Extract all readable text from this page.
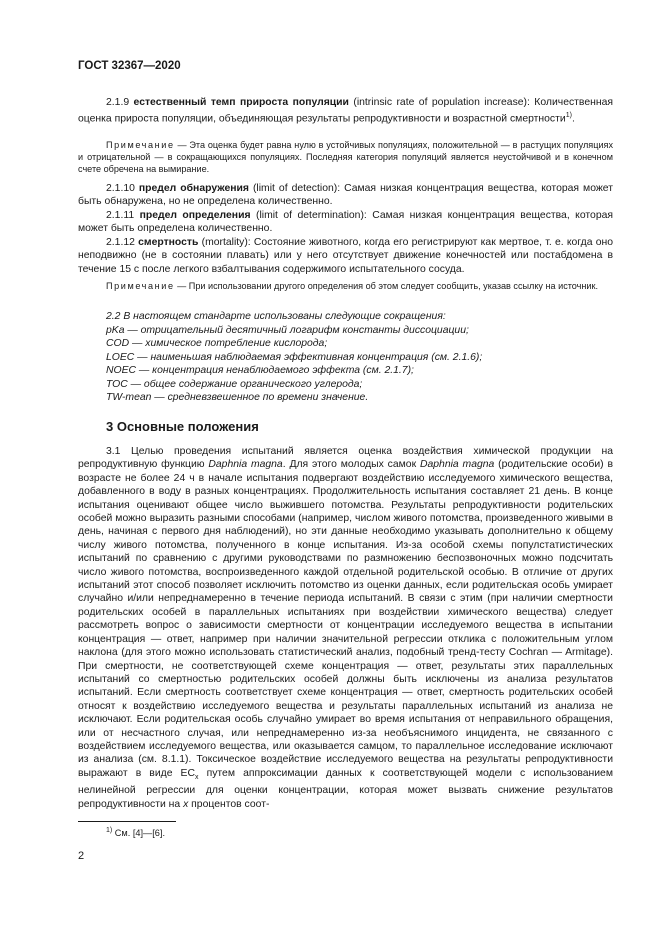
ГОСТ 32367—2020

2.1.9 естественный темп прироста популяции (intrinsic rate of population increase): Количественная оценка прироста популяции, объединяющая результаты репродуктивности и возрастной смертности$^{1)}$.

Примечание — Эта оценка будет равна нулю в устойчивых популяциях, положительной — в растущих популяциях и отрицательной — в сокращающихся популяциях. Последняя категория популяций является неустойчивой и в конечном счете обречена на вымирание.

2.1.10 предел обнаружения (limit of detection): Самая низкая концентрация вещества, которая может быть обнаружена, но не определена количественно.

2.1.11 предел определения (limit of determination): Самая низкая концентрация вещества, которая может быть определена количественно.

2.1.12 смертность (mortality): Состояние животного, когда его регистрируют как мертвое, т. е. когда оно неподвижно (не в состоянии плавать) или у него отсутствует движение конечностей или постабдомена в течение 15 с после легкого взбалтывания содержимого испытательного сосуда.

Примечание — При использовании другого определения об этом следует сообщить, указав ссылку на источник.

2.2 В настоящем стандарте использованы следующие сокращения:

pKa — отрицательный десятичный логарифм константы диссоциации;

COD — химическое потребление кислорода;

LOEC — наименьшая наблюдаемая эффективная концентрация (см. 2.1.6);

NOEC — концентрация ненаблюдаемого эффекта (см. 2.1.7);

TOC — общее содержание органического углерода;

TW-mean — средневзвешенное по времени значение.

3 Основные положения

3.1 Целью проведения испытаний является оценка воздействия химической продукции на репродуктивную функцию Daphnia magna. Для этого молодых самок Daphnia magna (родительские особи) в возрасте не более 24 ч в начале испытания подвергают воздействию исследуемого химического вещества, добавленного в воду в разных концентрациях. Продолжительность испытания составляет 21 день. В конце испытания оценивают общее число выжившего потомства. Результаты репродуктивности родительских особей можно выразить разными способами (например, числом живого потомства, произведенного живыми в день, начиная с первого дня наблюдений), но эти данные необходимо указывать дополнительно к общему числу живого потомства, полученного в конце испытания. Из-за особой схемы популстатистических испытаний по сравнению с другими руководствами по размножению беспозвоночных можно подсчитать число живого потомства, воспроизведенного каждой отдельной родительской особью. В отличие от других испытаний этот способ позволяет исключить потомство из оценки данных, если родительская особь умирает случайно и/или непреднамеренно в течение периода испытаний. В связи с этим (при наличии смертности родительских особей в параллельных испытаниях при воздействии химического вещества) следует рассмотреть вопрос о зависимости смертности от концентрации исследуемого вещества в испытании концентрация — ответ, например при наличии значительной регрессии отклика с положительным углом наклона (для этого можно использовать статистический анализ, подобный тренд-тесту Cochran — Armitage). При смертности, не соответствующей схеме концентрация — ответ, результаты этих параллельных испытаний со смертностью родительских особей должны быть исключены из анализа результатов испытаний. Если смертность соответствует схеме концентрация — ответ, смертность родительских особей относят к воздействию исследуемого вещества и результаты параллельных испытаний из анализа не исключают. Если родительская особь случайно умирает во время испытания от неправильного обращения, или от несчастного случая, или непреднамеренно из-за необъяснимого инцидента, не связанного с воздействием исследуемого вещества, или оказывается самцом, то параллельное исследование исключают из анализа (см. 8.1.1). Токсическое воздействие исследуемого вещества на результаты репродуктивности выражают в виде $EC_x$ путем аппроксимации данных к соответствующей модели с использованием нелинейной регрессии для оценки концентрации, которая может вызвать снижение результатов репродуктивности на x процентов соот-

$^{1)}$ См. [4]—[6].
2
